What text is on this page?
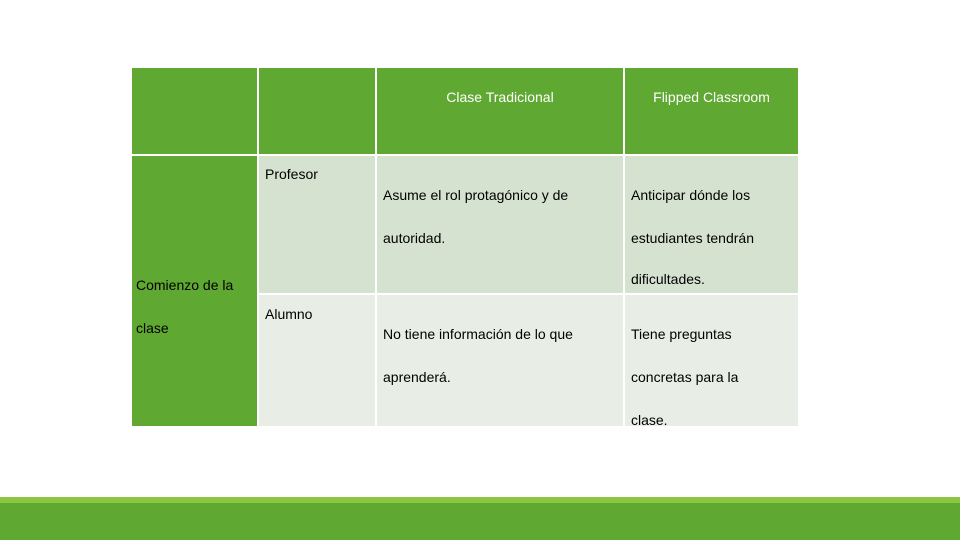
Clase Tradicional	Flipped Classroom
Comienzo de la
clase
Profesor

Asume el rol protagónico y de

autoridad.

Anticipar dónde los

estudiantes tendrán

dificultades.

Alumno

No tiene información de lo que

aprenderá.

Tiene preguntas

concretas para la

clase.
